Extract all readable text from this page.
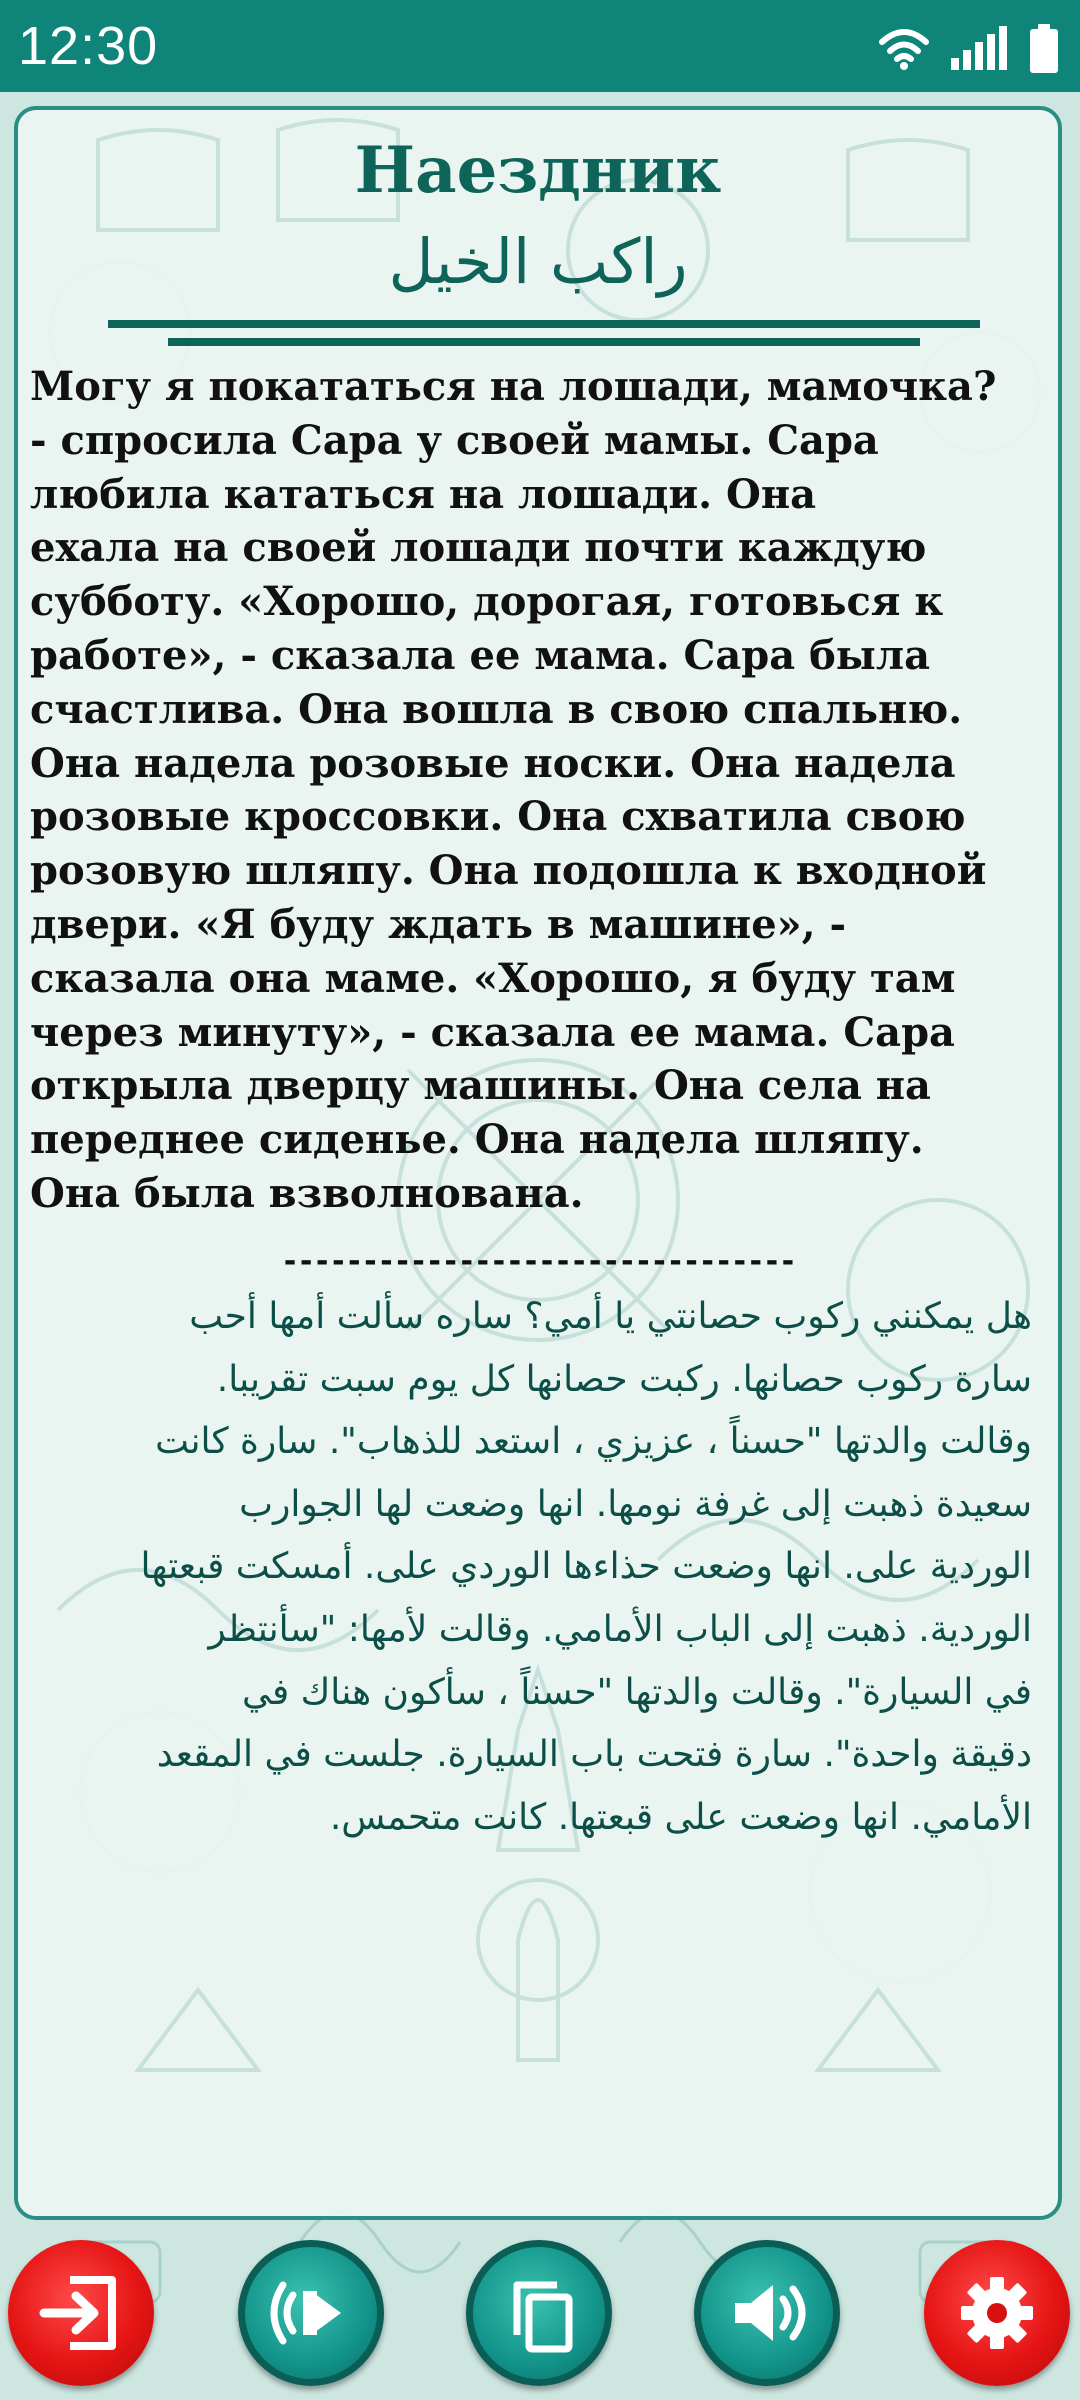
12:30

Наездник
راكب الخيل
Могу я покататься на лошади, мамочка?
- спросила Сара у своей мамы. Сара
любила кататься на лошади. Она
ехала на своей лошади почти каждую
субботу. «Хорошо, дорогая, готовься к
работе», - сказала ее мама. Сара была
счастлива. Она вошла в свою спальню.
Она надела розовые носки. Она надела
розовые кроссовки. Она схватила свою
розовую шляпу. Она подошла к входной
двери. «Я буду ждать в машине», -
сказала она маме. «Хорошо, я буду там
через минуту», - сказала ее мама. Сара
открыла дверцу машины. Она села на
переднее сиденье. Она надела шляпу.
Она была взволнована.
--------------------------------
هل يمكنني ركوب حصانتي يا أمي؟ ساره سألت أمها أحب
سارة ركوب حصانها. ركبت حصانها كل يوم سبت تقريبا.
وقالت والدتها "حسناً ، عزيزي ، استعد للذهاب". سارة كانت
سعيدة ذهبت إلى غرفة نومها. انها وضعت لها الجوارب
الوردية على. انها وضعت حذاءها الوردي على. أمسكت قبعتها
الوردية. ذهبت إلى الباب الأمامي. وقالت لأمها: "سأنتظر
في السيارة". وقالت والدتها "حسناً ، سأكون هناك في
دقيقة واحدة". سارة فتحت باب السيارة. جلست في المقعد
الأمامي. انها وضعت على قبعتها. كانت متحمس.
